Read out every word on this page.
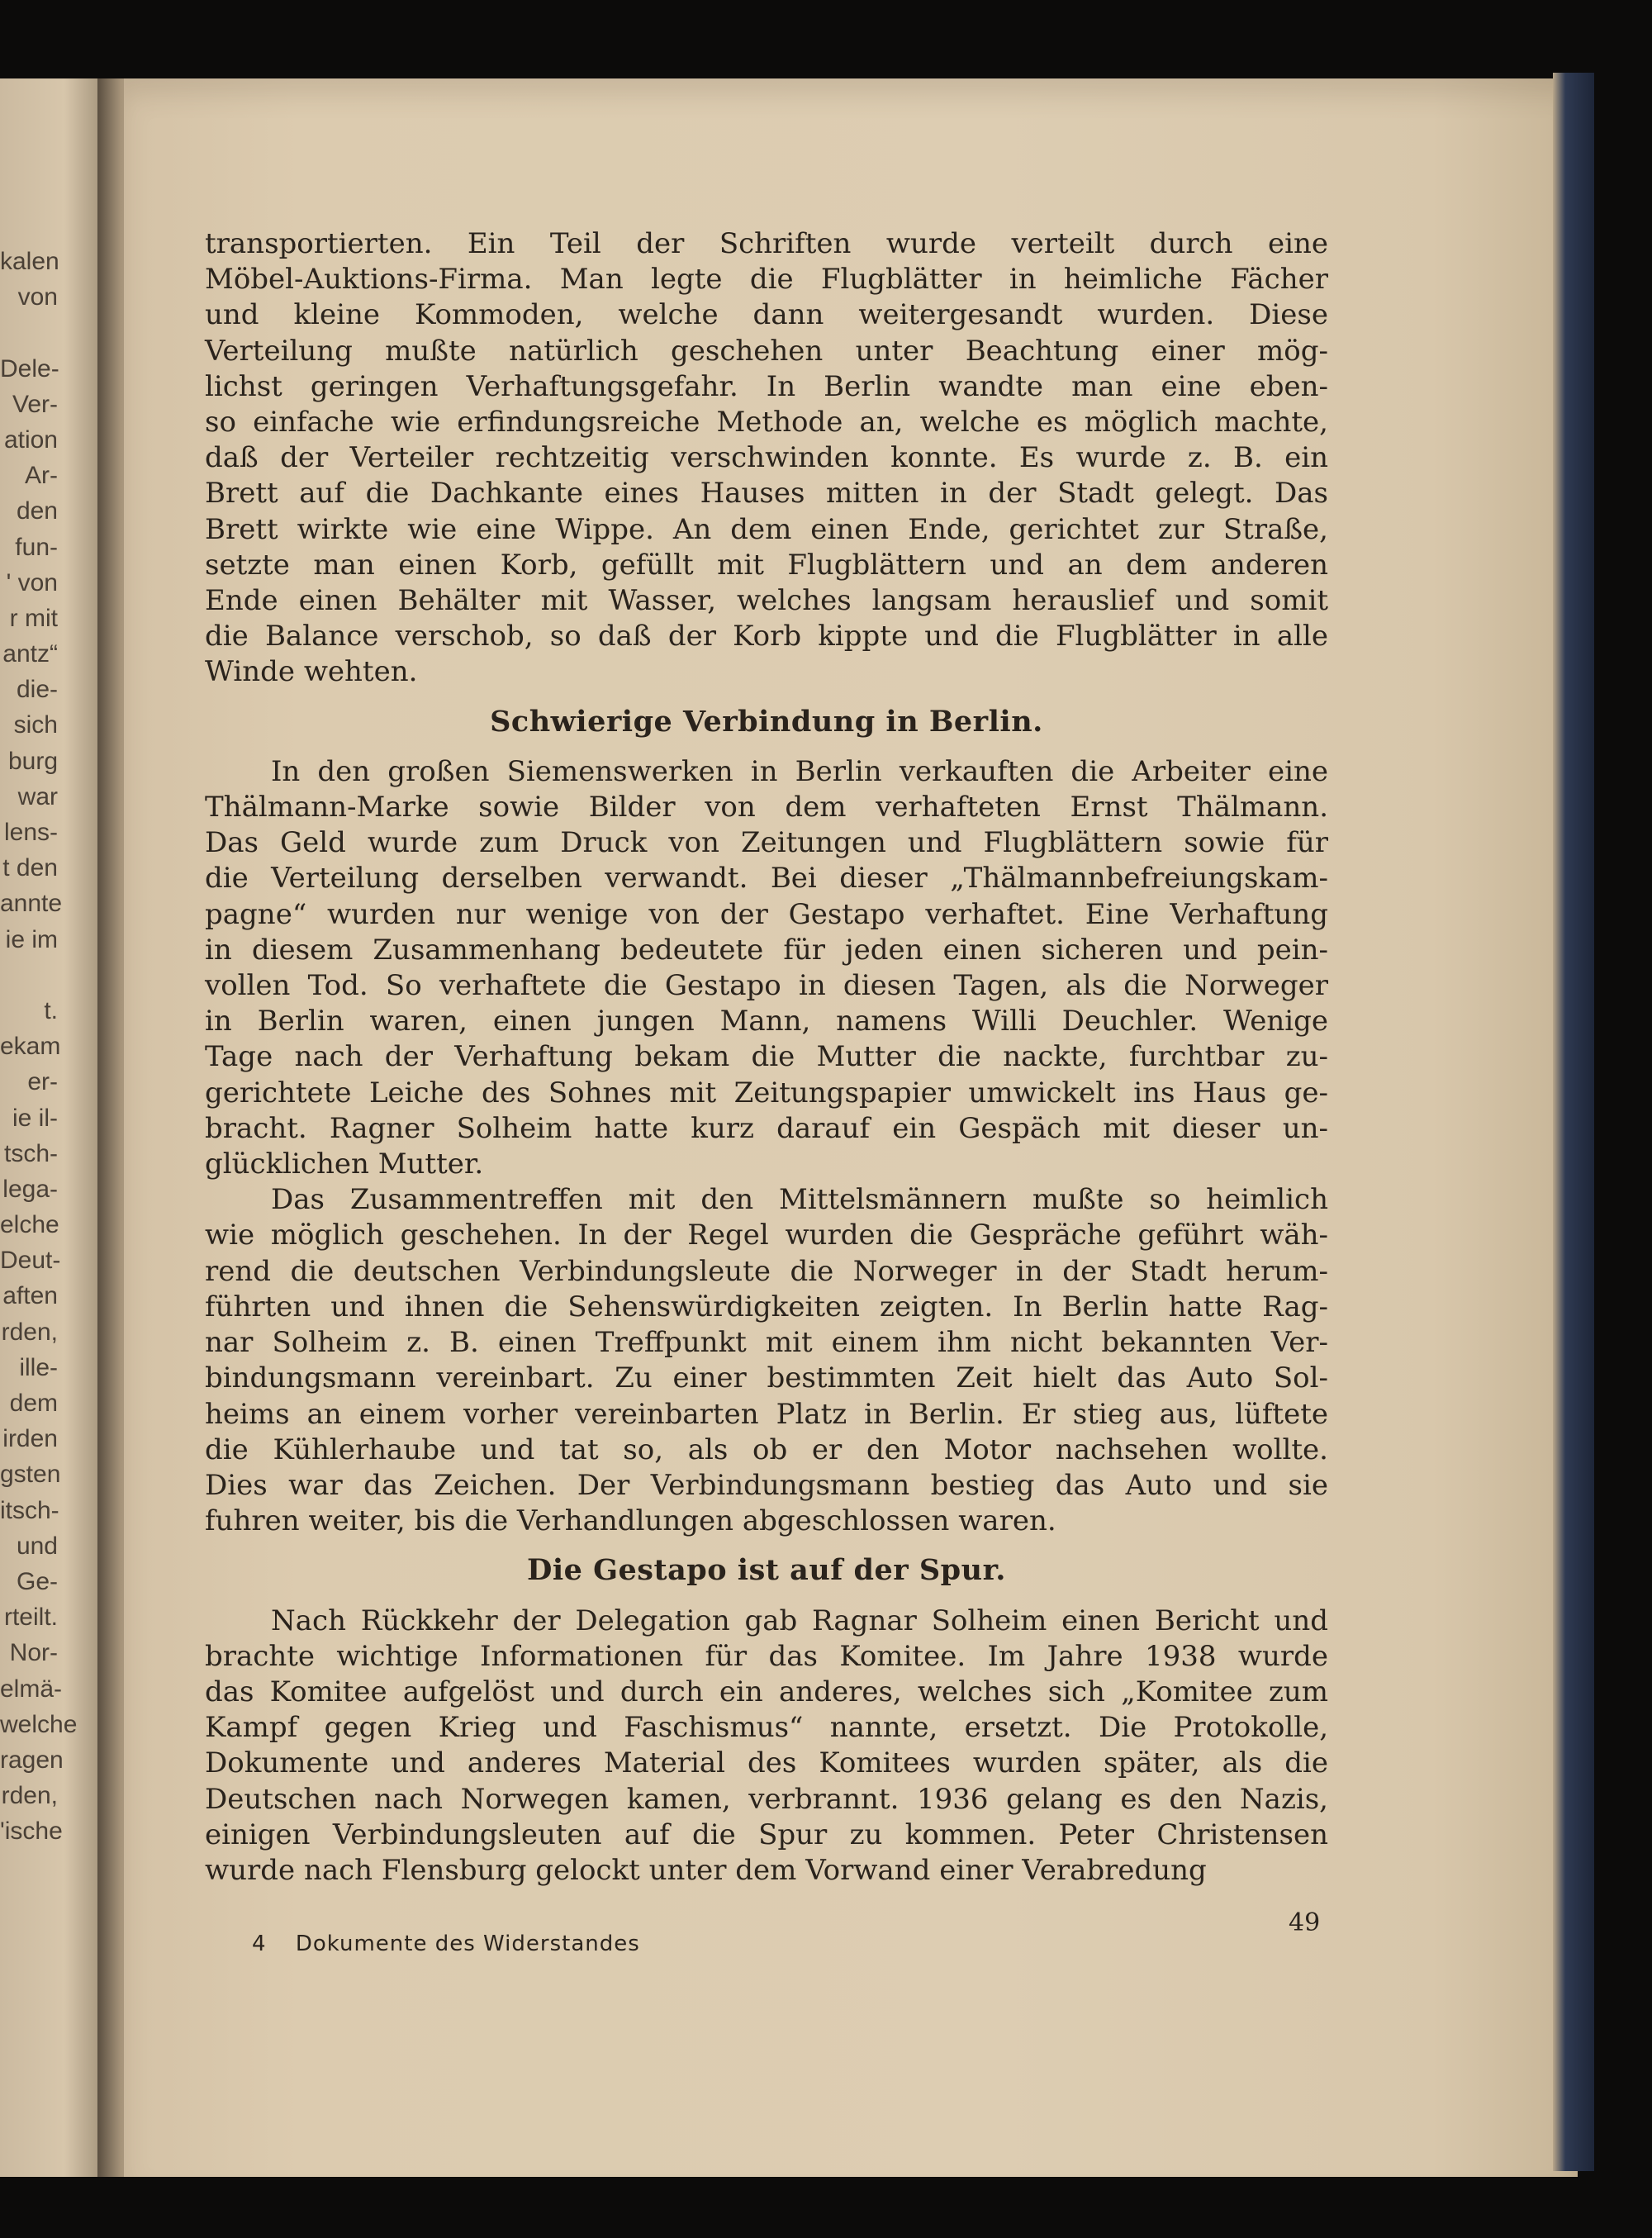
kalen
von
Dele-
Ver-
ation
Ar-
den
fun-
' von
r mit
antz“
die-
sich
burg
war
lens-
t den
annte
ie im
t.
ekam
er-
ie il-
tsch-
lega-
elche
Deut-
aften
rden,
ille-
dem
irden
gsten
itsch-
und
Ge-
rteilt.
Nor-
elmä-
welche
ragen
rden,
'ische
transportierten. Ein Teil der Schriften wurde verteilt durch eine
Möbel-Auktions-Firma. Man legte die Flugblätter in heimliche Fächer
und kleine Kommoden, welche dann weitergesandt wurden. Diese
Verteilung mußte natürlich geschehen unter Beachtung einer mög-
lichst geringen Verhaftungsgefahr. In Berlin wandte man eine eben-
so einfache wie erfindungsreiche Methode an, welche es möglich machte,
daß der Verteiler rechtzeitig verschwinden konnte. Es wurde z. B. ein
Brett auf die Dachkante eines Hauses mitten in der Stadt gelegt. Das
Brett wirkte wie eine Wippe. An dem einen Ende, gerichtet zur Straße,
setzte man einen Korb, gefüllt mit Flugblättern und an dem anderen
Ende einen Behälter mit Wasser, welches langsam herauslief und somit
die Balance verschob, so daß der Korb kippte und die Flugblätter in alle
Winde wehten.
Schwierige Verbindung in Berlin.
In den großen Siemenswerken in Berlin verkauften die Arbeiter eine
Thälmann-Marke sowie Bilder von dem verhafteten Ernst Thälmann.
Das Geld wurde zum Druck von Zeitungen und Flugblättern sowie für
die Verteilung derselben verwandt. Bei dieser „Thälmannbefreiungskam-
pagne“ wurden nur wenige von der Gestapo verhaftet. Eine Verhaftung
in diesem Zusammenhang bedeutete für jeden einen sicheren und pein-
vollen Tod. So verhaftete die Gestapo in diesen Tagen, als die Norweger
in Berlin waren, einen jungen Mann, namens Willi Deuchler. Wenige
Tage nach der Verhaftung bekam die Mutter die nackte, furchtbar zu-
gerichtete Leiche des Sohnes mit Zeitungspapier umwickelt ins Haus ge-
bracht. Ragner Solheim hatte kurz darauf ein Gespäch mit dieser un-
glücklichen Mutter.
Das Zusammentreffen mit den Mittelsmännern mußte so heimlich
wie möglich geschehen. In der Regel wurden die Gespräche geführt wäh-
rend die deutschen Verbindungsleute die Norweger in der Stadt herum-
führten und ihnen die Sehenswürdigkeiten zeigten. In Berlin hatte Rag-
nar Solheim z. B. einen Treffpunkt mit einem ihm nicht bekannten Ver-
bindungsmann vereinbart. Zu einer bestimmten Zeit hielt das Auto Sol-
heims an einem vorher vereinbarten Platz in Berlin. Er stieg aus, lüftete
die Kühlerhaube und tat so, als ob er den Motor nachsehen wollte.
Dies war das Zeichen. Der Verbindungsmann bestieg das Auto und sie
fuhren weiter, bis die Verhandlungen abgeschlossen waren.
Die Gestapo ist auf der Spur.
Nach Rückkehr der Delegation gab Ragnar Solheim einen Bericht und
brachte wichtige Informationen für das Komitee. Im Jahre 1938 wurde
das Komitee aufgelöst und durch ein anderes, welches sich „Komitee zum
Kampf gegen Krieg und Faschismus“ nannte, ersetzt. Die Protokolle,
Dokumente und anderes Material des Komitees wurden später, als die
Deutschen nach Norwegen kamen, verbrannt. 1936 gelang es den Nazis,
einigen Verbindungsleuten auf die Spur zu kommen. Peter Christensen
wurde nach Flensburg gelockt unter dem Vorwand einer Verabredung
49
4 Dokumente des Widerstandes
